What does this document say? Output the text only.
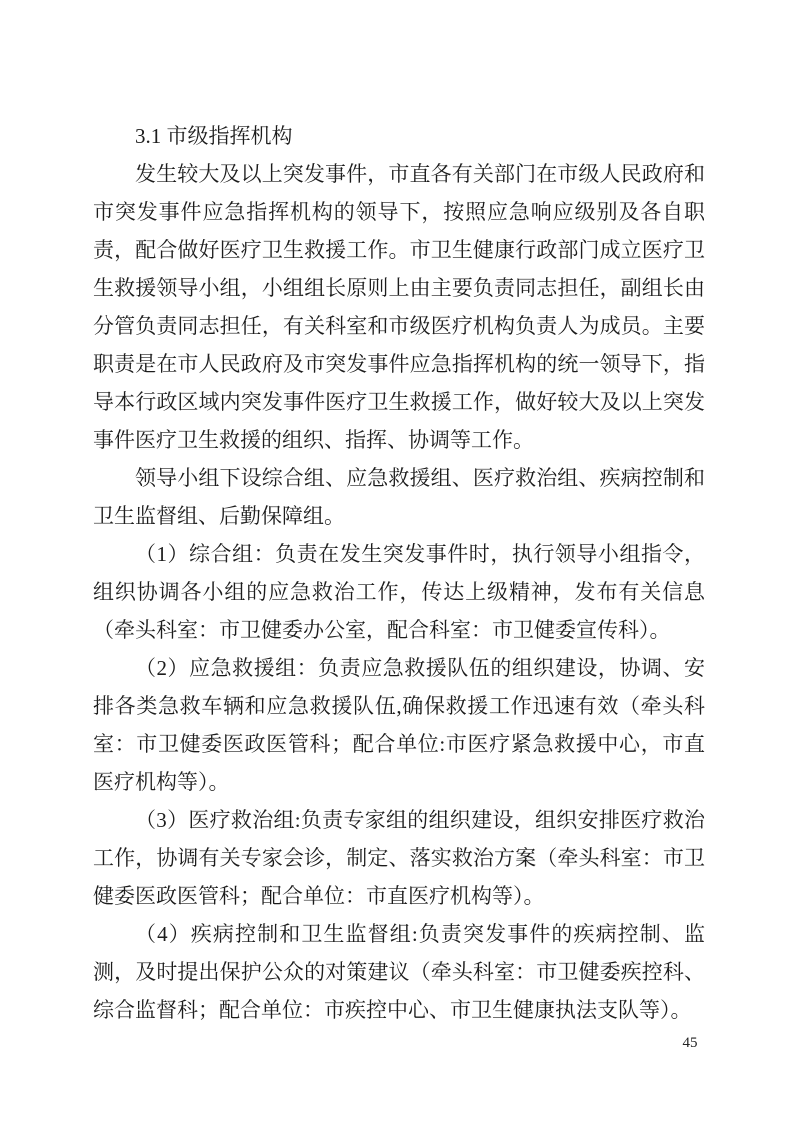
3.1 市级指挥机构

发生较大及以上突发事件，市直各有关部门在市级人民政府和市突发事件应急指挥机构的领导下，按照应急响应级别及各自职责，配合做好医疗卫生救援工作。市卫生健康行政部门成立医疗卫生救援领导小组，小组组长原则上由主要负责同志担任，副组长由分管负责同志担任，有关科室和市级医疗机构负责人为成员。主要职责是在市人民政府及市突发事件应急指挥机构的统一领导下，指导本行政区域内突发事件医疗卫生救援工作，做好较大及以上突发事件医疗卫生救援的组织、指挥、协调等工作。

领导小组下设综合组、应急救援组、医疗救治组、疾病控制和卫生监督组、后勤保障组。

（1）综合组：负责在发生突发事件时，执行领导小组指令，组织协调各小组的应急救治工作，传达上级精神，发布有关信息（牵头科室：市卫健委办公室，配合科室：市卫健委宣传科）。

（2）应急救援组：负责应急救援队伍的组织建设，协调、安排各类急救车辆和应急救援队伍,确保救援工作迅速有效（牵头科室：市卫健委医政医管科；配合单位:市医疗紧急救援中心，市直医疗机构等）。

（3）医疗救治组:负责专家组的组织建设，组织安排医疗救治工作，协调有关专家会诊，制定、落实救治方案（牵头科室：市卫健委医政医管科；配合单位：市直医疗机构等）。

（4）疾病控制和卫生监督组:负责突发事件的疾病控制、监测，及时提出保护公众的对策建议（牵头科室：市卫健委疾控科、综合监督科；配合单位：市疾控中心、市卫生健康执法支队等）。

45
